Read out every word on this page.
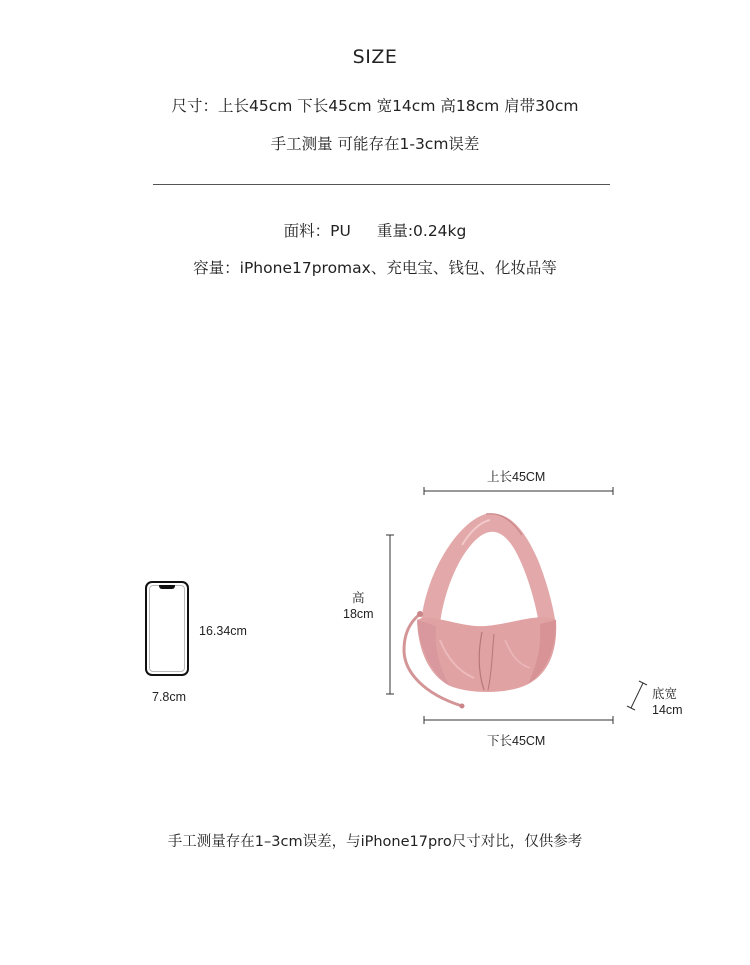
SIZE
尺寸：上长45cm 下长45cm 宽14cm 高18cm 肩带30cm
手工测量 可能存在1-3cm误差
面料：PU 重量:0.24kg
容量：iPhone17promax、充电宝、钱包、化妆品等
16.34cm
7.8cm
上长45CM
下长45CM
高
18cm
底宽
14cm
手工测量存在1–3cm误差，与iPhone17pro尺寸对比，仅供参考
